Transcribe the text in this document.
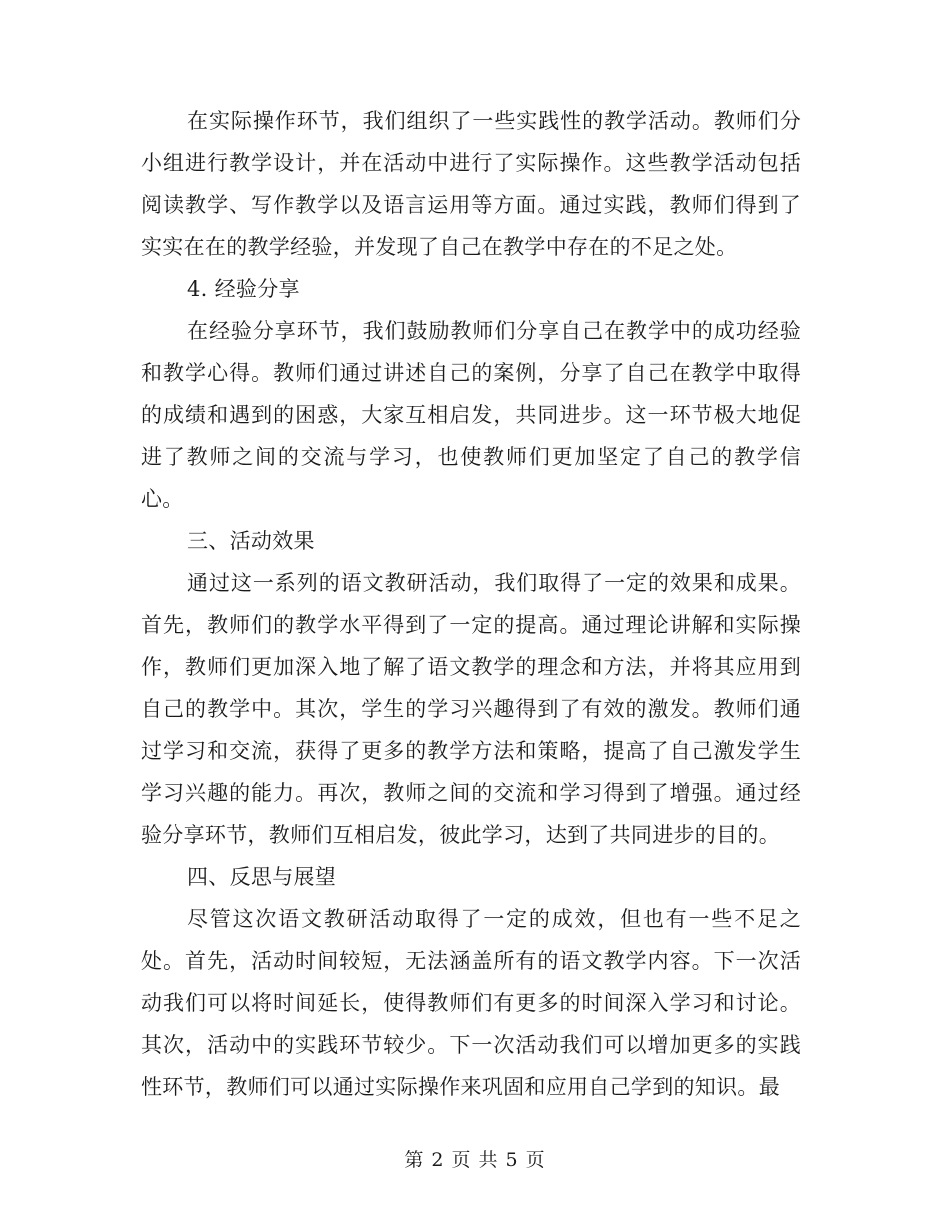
在实际操作环节，我们组织了一些实践性的教学活动。教师们分小组进行教学设计，并在活动中进行了实际操作。这些教学活动包括阅读教学、写作教学以及语言运用等方面。通过实践，教师们得到了实实在在的教学经验，并发现了自己在教学中存在的不足之处。

4. 经验分享

在经验分享环节，我们鼓励教师们分享自己在教学中的成功经验和教学心得。教师们通过讲述自己的案例，分享了自己在教学中取得的成绩和遇到的困惑，大家互相启发，共同进步。这一环节极大地促进了教师之间的交流与学习，也使教师们更加坚定了自己的教学信心。

三、活动效果

通过这一系列的语文教研活动，我们取得了一定的效果和成果。首先，教师们的教学水平得到了一定的提高。通过理论讲解和实际操作，教师们更加深入地了解了语文教学的理念和方法，并将其应用到自己的教学中。其次，学生的学习兴趣得到了有效的激发。教师们通过学习和交流，获得了更多的教学方法和策略，提高了自己激发学生学习兴趣的能力。再次，教师之间的交流和学习得到了增强。通过经验分享环节，教师们互相启发，彼此学习，达到了共同进步的目的。

四、反思与展望

尽管这次语文教研活动取得了一定的成效，但也有一些不足之处。首先，活动时间较短，无法涵盖所有的语文教学内容。下一次活动我们可以将时间延长，使得教师们有更多的时间深入学习和讨论。其次，活动中的实践环节较少。下一次活动我们可以增加更多的实践性环节，教师们可以通过实际操作来巩固和应用自己学到的知识。最

第 2 页 共 5 页
